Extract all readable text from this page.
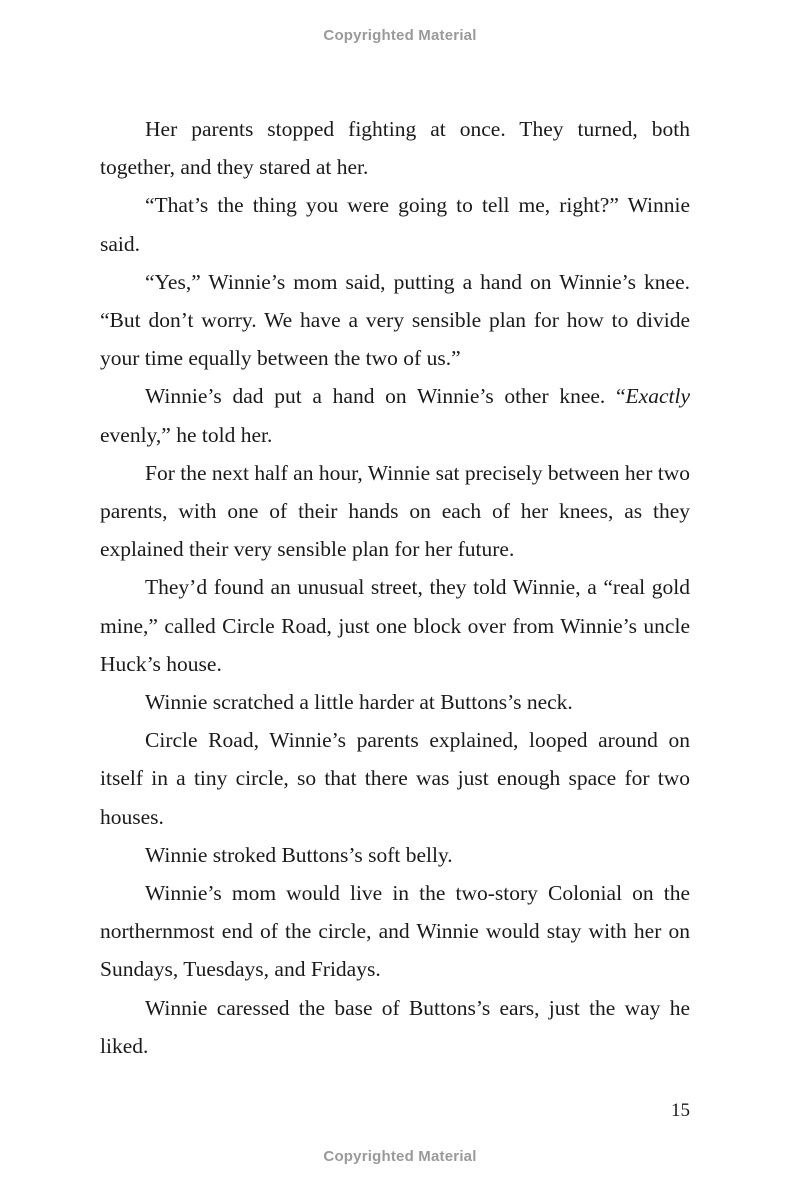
Copyrighted Material

Her parents stopped fighting at once. They turned, both together, and they stared at her.

“That’s the thing you were going to tell me, right?” Winnie said.

“Yes,” Winnie’s mom said, putting a hand on Winnie’s knee. “But don’t worry. We have a very sensible plan for how to divide your time equally between the two of us.”

Winnie’s dad put a hand on Winnie’s other knee. “Exactly evenly,” he told her.

For the next half an hour, Winnie sat precisely between her two parents, with one of their hands on each of her knees, as they explained their very sensible plan for her future.

They’d found an unusual street, they told Winnie, a “real gold mine,” called Circle Road, just one block over from Winnie’s uncle Huck’s house.

Winnie scratched a little harder at Buttons’s neck.

Circle Road, Winnie’s parents explained, looped around on itself in a tiny circle, so that there was just enough space for two houses.

Winnie stroked Buttons’s soft belly.

Winnie’s mom would live in the two-story Colonial on the northernmost end of the circle, and Winnie would stay with her on Sundays, Tuesdays, and Fridays.

Winnie caressed the base of Buttons’s ears, just the way he liked.

15
Copyrighted Material
